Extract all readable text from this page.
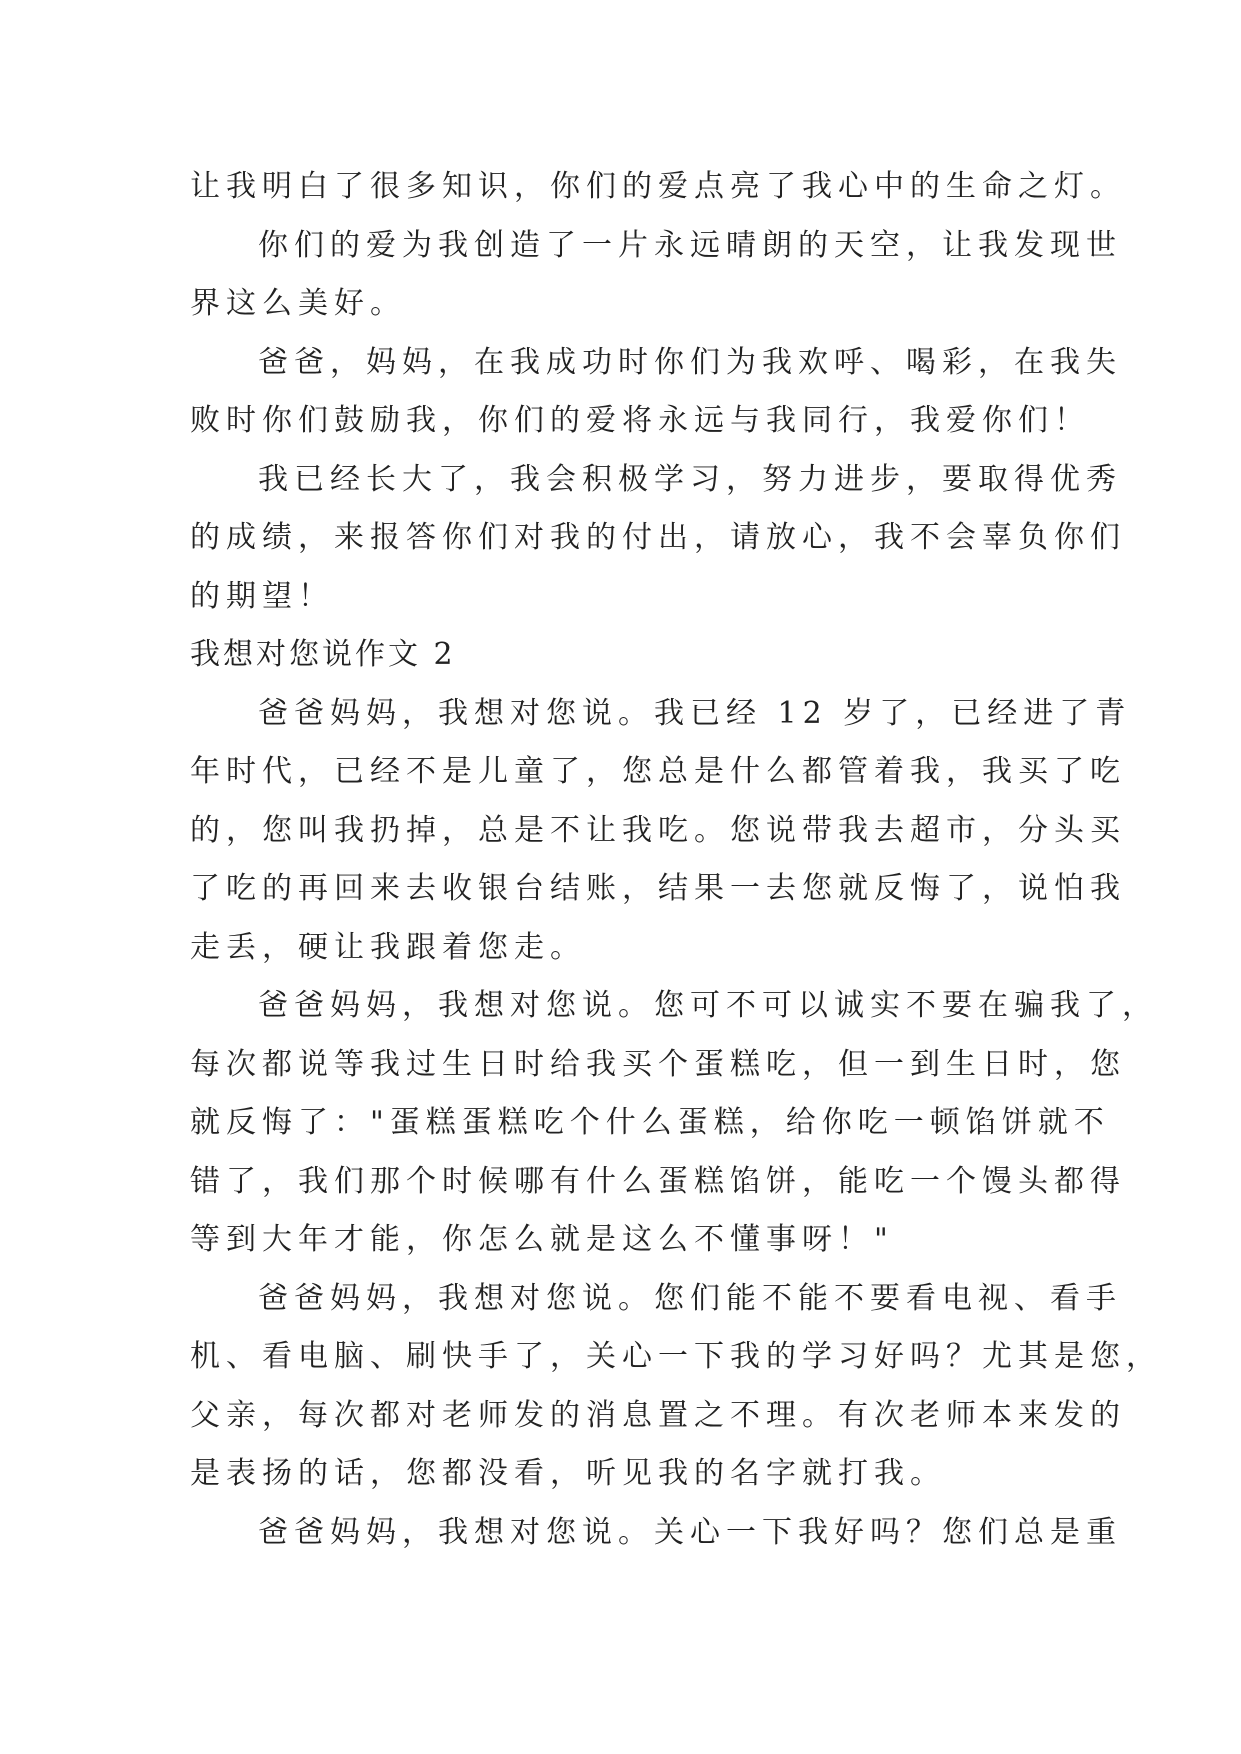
让我明白了很多知识，你们的爱点亮了我心中的生命之灯。
你们的爱为我创造了一片永远晴朗的天空，让我发现世
界这么美好。
爸爸，妈妈，在我成功时你们为我欢呼、喝彩，在我失
败时你们鼓励我，你们的爱将永远与我同行，我爱你们！
我已经长大了，我会积极学习，努力进步，要取得优秀
的成绩，来报答你们对我的付出，请放心，我不会辜负你们
的期望！
我想对您说作文 2
爸爸妈妈，我想对您说。我已经 12 岁了，已经进了青
年时代，已经不是儿童了，您总是什么都管着我，我买了吃
的，您叫我扔掉，总是不让我吃。您说带我去超市，分头买
了吃的再回来去收银台结账，结果一去您就反悔了，说怕我
走丢，硬让我跟着您走。
爸爸妈妈，我想对您说。您可不可以诚实不要在骗我了，
每次都说等我过生日时给我买个蛋糕吃，但一到生日时，您
就反悔了："蛋糕蛋糕吃个什么蛋糕，给你吃一顿馅饼就不
错了，我们那个时候哪有什么蛋糕馅饼，能吃一个馒头都得
等到大年才能，你怎么就是这么不懂事呀！"
爸爸妈妈，我想对您说。您们能不能不要看电视、看手
机、看电脑、刷快手了，关心一下我的学习好吗？尤其是您，
父亲，每次都对老师发的消息置之不理。有次老师本来发的
是表扬的话，您都没看，听见我的名字就打我。
爸爸妈妈，我想对您说。关心一下我好吗？您们总是重
